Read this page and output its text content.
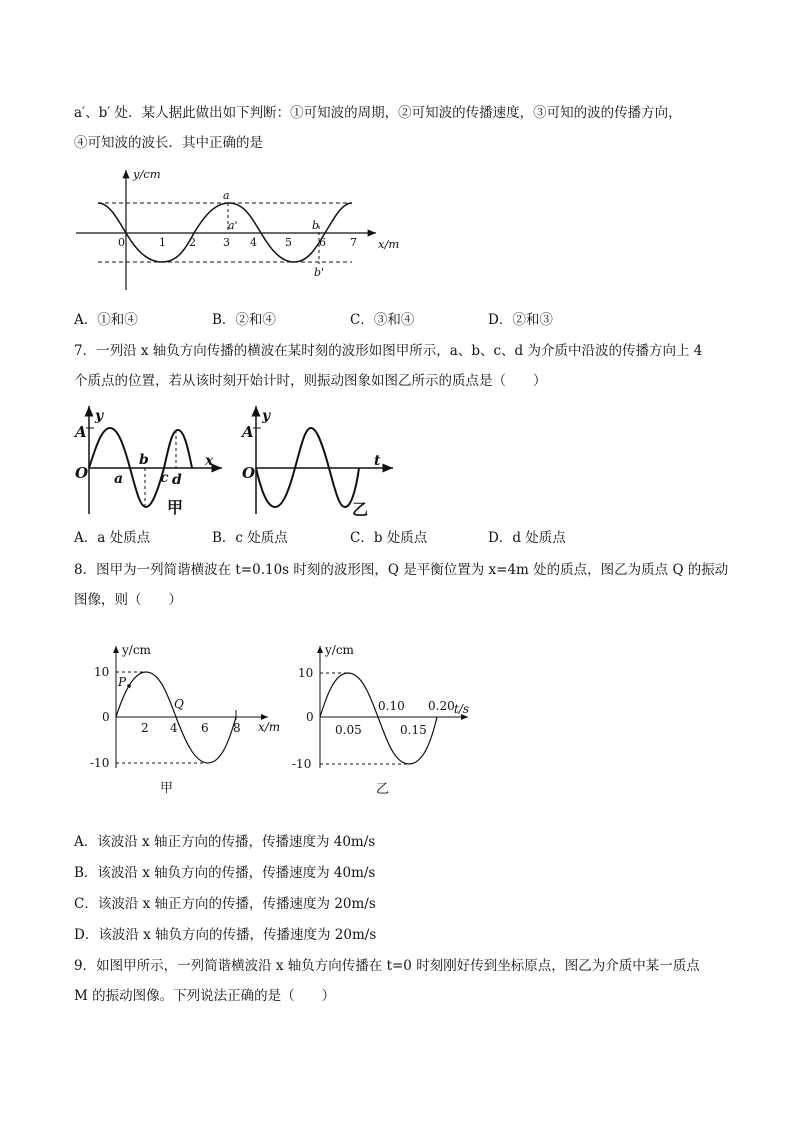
a′、b′ 处．某人据此做出如下判断：①可知波的周期，②可知波的传播速度，③可知的波的传播方向，
④可知波的波长．其中正确的是
y/cm
x/m
0	1 2 3 4	5 6 7
a
a'	b
b'
A．①和④	B．②和④	C．③和④	D．②和③
7．一列沿 x 轴负方向传播的横波在某时刻的波形如图甲所示，a、b、c、d 为介质中沿波的传播方向上 4
个质点的位置，若从该时刻开始计时，则振动图象如图乙所示的质点是（　　）
A
y
O
x
a
b
c d
甲
A
y
O
t
乙
A．a 处质点	B．c 处质点	C．b 处质点	D．d 处质点
8．图甲为一列简谐横波在 t=0.10s 时刻的波形图，Q 是平衡位置为 x=4m 处的质点，图乙为质点 Q 的振动
图像，则（　　）
y/cm
10
0
-10
P
Q
2 4 6 8 x/m
甲
y/cm
10
0
-10
0.10 0.20 t/s
0.05	0.15
乙
A．该波沿 x 轴正方向的传播，传播速度为 40m/s
B．该波沿 x 轴负方向的传播，传播速度为 40m/s
C．该波沿 x 轴正方向的传播，传播速度为 20m/s
D．该波沿 x 轴负方向的传播，传播速度为 20m/s
9．如图甲所示，一列简谐横波沿 x 轴负方向传播在 t=0 时刻刚好传到坐标原点，图乙为介质中某一质点
M 的振动图像。下列说法正确的是（　　）
